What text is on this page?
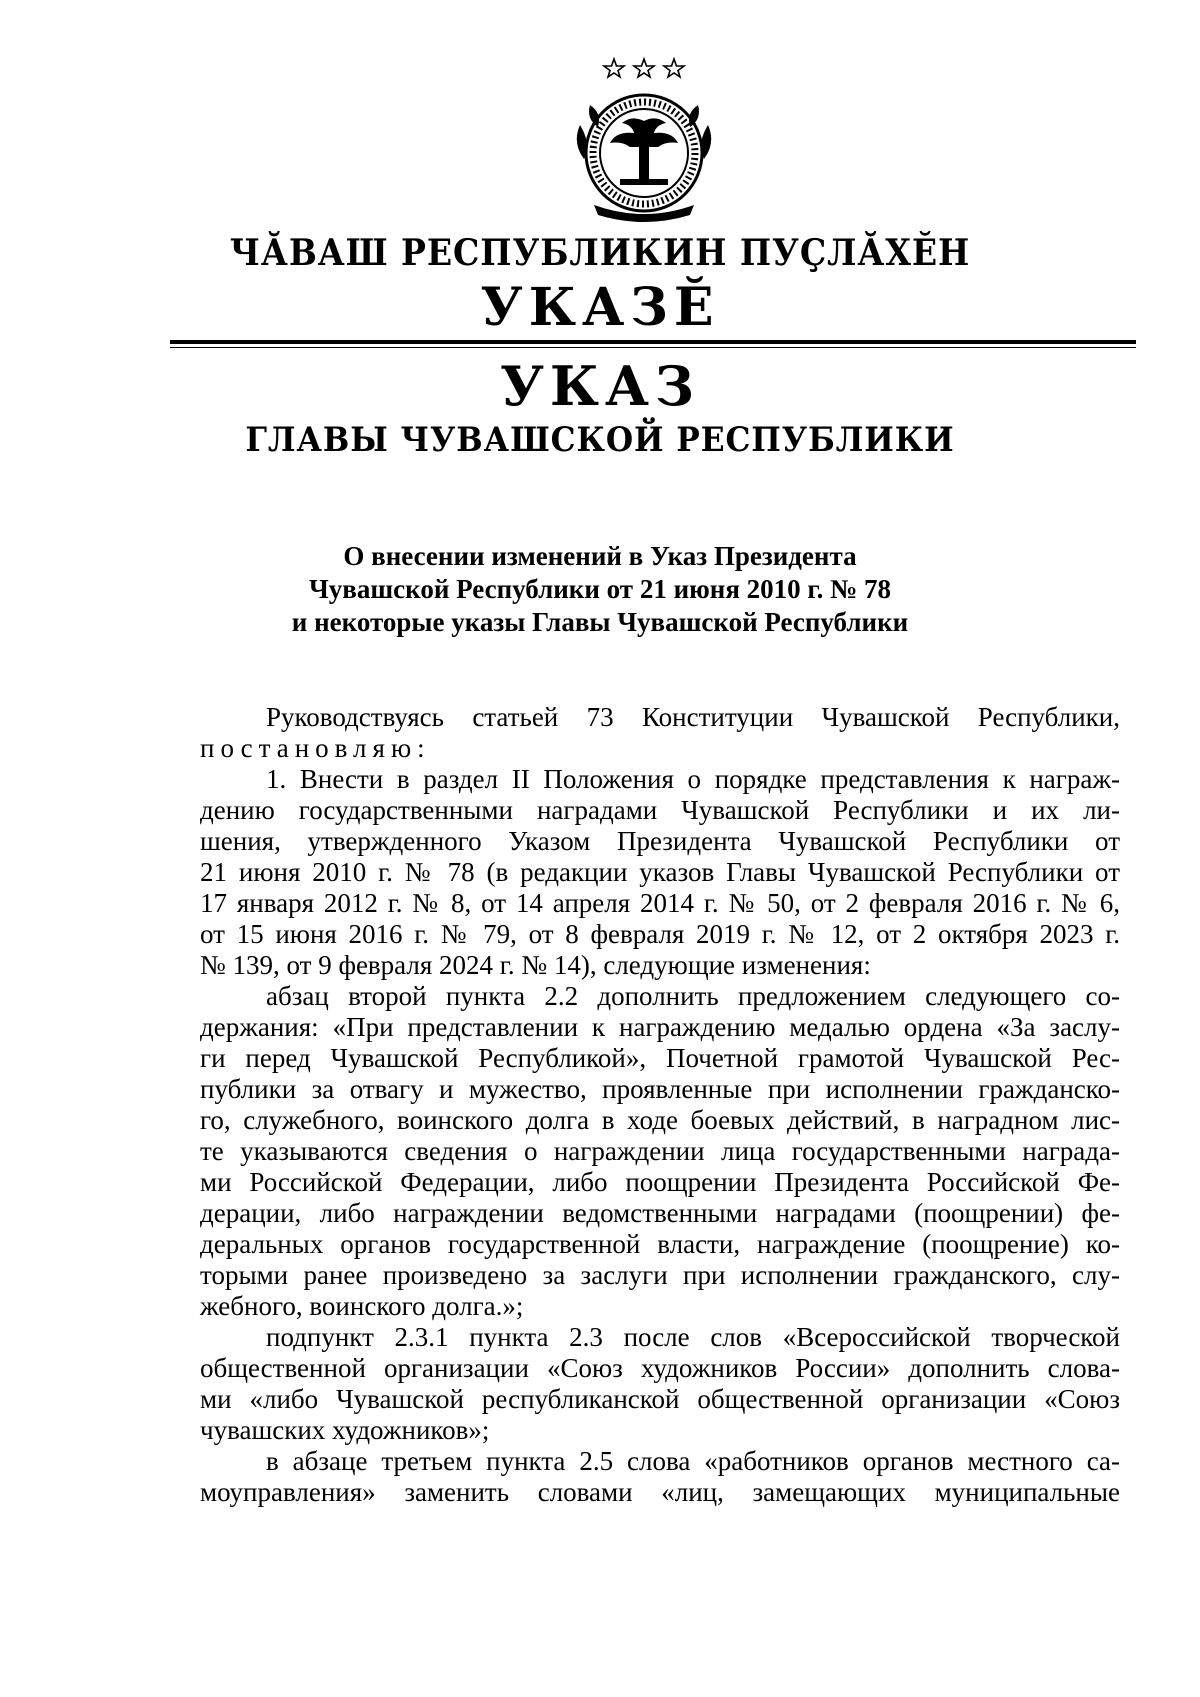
ЧӐВАШ РЕСПУБЛИКИН ПУҪЛӐХӖН
УКАЗӖ
УКАЗ
ГЛАВЫ ЧУВАШСКОЙ РЕСПУБЛИКИ
О внесении изменений в Указ Президента
Чувашской Республики от 21 июня 2010 г. № 78
и некоторые указы Главы Чувашской Республики
Руководствуясь статьей 73 Конституции Чувашской Республики,
постановляю:
1. Внести в раздел II Положения о порядке представления к награж-
дению государственными наградами Чувашской Республики и их ли-
шения, утвержденного Указом Президента Чувашской Республики от
21 июня 2010 г. № 78 (в редакции указов Главы Чувашской Республики от
17 января 2012 г. № 8, от 14 апреля 2014 г. № 50, от 2 февраля 2016 г. № 6,
от 15 июня 2016 г. № 79, от 8 февраля 2019 г. № 12, от 2 октября 2023 г.
№ 139, от 9 февраля 2024 г. № 14), следующие изменения:
абзац второй пункта 2.2 дополнить предложением следующего со-
держания: «При представлении к награждению медалью ордена «За заслу-
ги перед Чувашской Республикой», Почетной грамотой Чувашской Рес-
публики за отвагу и мужество, проявленные при исполнении гражданско-
го, служебного, воинского долга в ходе боевых действий, в наградном лис-
те указываются сведения о награждении лица государственными награда-
ми Российской Федерации, либо поощрении Президента Российской Фе-
дерации, либо награждении ведомственными наградами (поощрении) фе-
деральных органов государственной власти, награждение (поощрение) ко-
торыми ранее произведено за заслуги при исполнении гражданского, слу-
жебного, воинского долга.»;
подпункт 2.3.1 пункта 2.3 после слов «Всероссийской творческой
общественной организации «Союз художников России» дополнить слова-
ми «либо Чувашской республиканской общественной организации «Союз
чувашских художников»;
в абзаце третьем пункта 2.5 слова «работников органов местного са-
моуправления» заменить словами «лиц, замещающих муниципальные
